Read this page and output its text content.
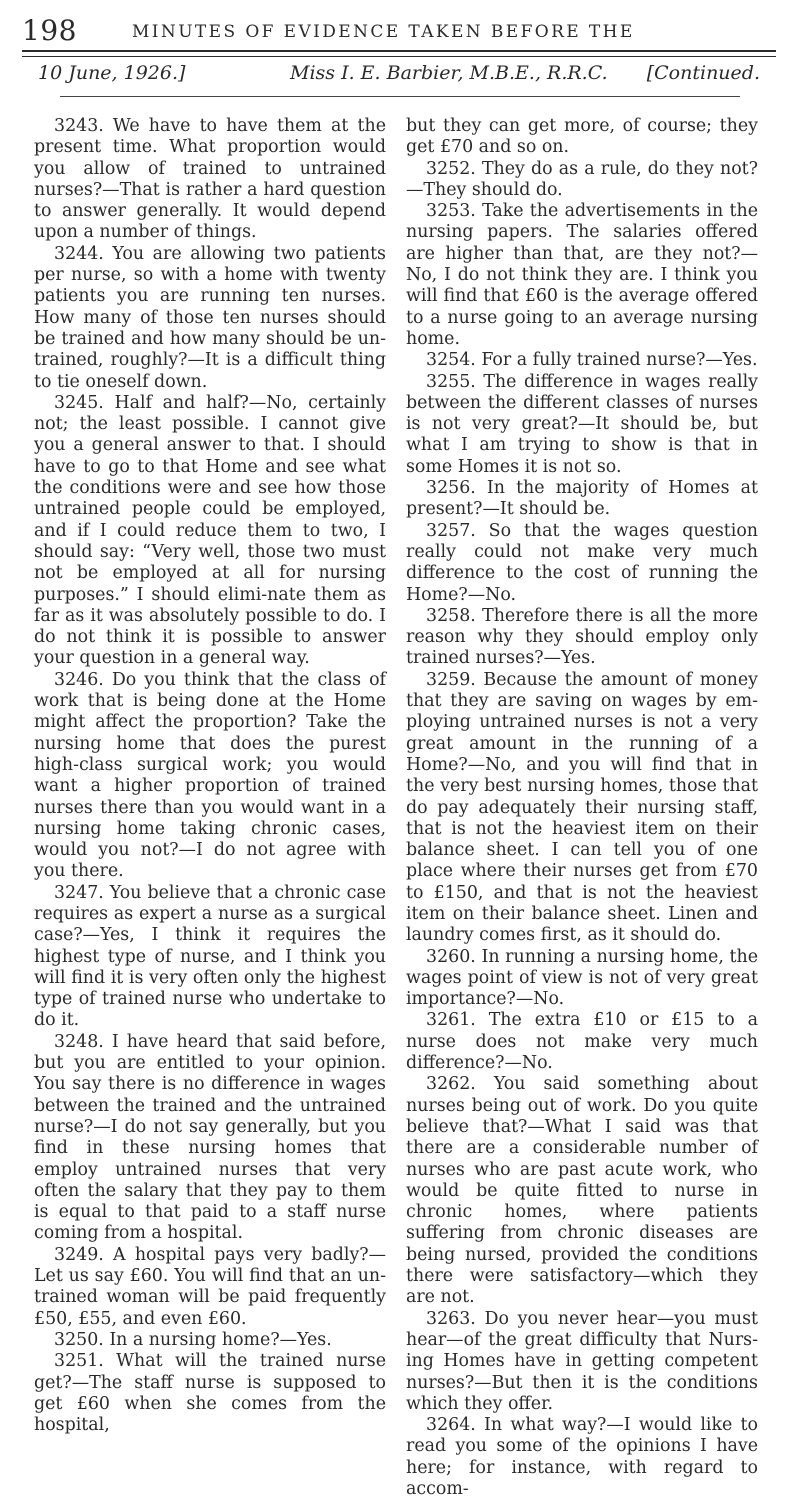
198	MINUTES OF EVIDENCE TAKEN BEFORE THE
10 June, 1926.]	Miss I. E. Barbier, M.B.E., R.R.C. [Continued.

3243. We have to have them at the present time. What proportion would you allow of trained to untrained nurses?—That is rather a hard question to answer generally. It would depend upon a number of things.

3244. You are allowing two patients per nurse, so with a home with twenty patients you are running ten nurses. How many of those ten nurses should be trained and how many should be un-trained, roughly?—It is a difficult thing to tie oneself down.

3245. Half and half?—No, certainly not; the least possible. I cannot give you a general answer to that. I should have to go to that Home and see what the conditions were and see how those untrained people could be employed, and if I could reduce them to two, I should say: “Very well, those two must not be employed at all for nursing purposes.” I should elimi-nate them as far as it was absolutely possible to do. I do not think it is possible to answer your question in a general way.

3246. Do you think that the class of work that is being done at the Home might affect the proportion? Take the nursing home that does the purest high-class surgical work; you would want a higher proportion of trained nurses there than you would want in a nursing home taking chronic cases, would you not?—I do not agree with you there.

3247. You believe that a chronic case requires as expert a nurse as a surgical case?—Yes, I think it requires the highest type of nurse, and I think you will find it is very often only the highest type of trained nurse who undertake to do it.

3248. I have heard that said before, but you are entitled to your opinion. You say there is no difference in wages between the trained and the untrained nurse?—I do not say generally, but you find in these nursing homes that employ untrained nurses that very often the salary that they pay to them is equal to that paid to a staff nurse coming from a hospital.

3249. A hospital pays very badly?—Let us say £60. You will find that an un-trained woman will be paid frequently £50, £55, and even £60.

3250. In a nursing home?—Yes.

3251. What will the trained nurse get?—The staff nurse is supposed to get £60 when she comes from the hospital,

but they can get more, of course; they get £70 and so on.

3252. They do as a rule, do they not?—They should do.

3253. Take the advertisements in the nursing papers. The salaries offered are higher than that, are they not?—No, I do not think they are. I think you will find that £60 is the average offered to a nurse going to an average nursing home.

3254. For a fully trained nurse?—Yes.

3255. The difference in wages really between the different classes of nurses is not very great?—It should be, but what I am trying to show is that in some Homes it is not so.

3256. In the majority of Homes at present?—It should be.

3257. So that the wages question really could not make very much difference to the cost of running the Home?—No.

3258. Therefore there is all the more reason why they should employ only trained nurses?—Yes.

3259. Because the amount of money that they are saving on wages by em-ploying untrained nurses is not a very great amount in the running of a Home?—No, and you will find that in the very best nursing homes, those that do pay adequately their nursing staff, that is not the heaviest item on their balance sheet. I can tell you of one place where their nurses get from £70 to £150, and that is not the heaviest item on their balance sheet. Linen and laundry comes first, as it should do.

3260. In running a nursing home, the wages point of view is not of very great importance?—No.

3261. The extra £10 or £15 to a nurse does not make very much difference?—No.

3262. You said something about nurses being out of work. Do you quite believe that?—What I said was that there are a considerable number of nurses who are past acute work, who would be quite fitted to nurse in chronic homes, where patients suffering from chronic diseases are being nursed, provided the conditions there were satisfactory—which they are not.

3263. Do you never hear—you must hear—of the great difficulty that Nurs-ing Homes have in getting competent nurses?—But then it is the conditions which they offer.

3264. In what way?—I would like to read you some of the opinions I have here; for instance, with regard to accom-
